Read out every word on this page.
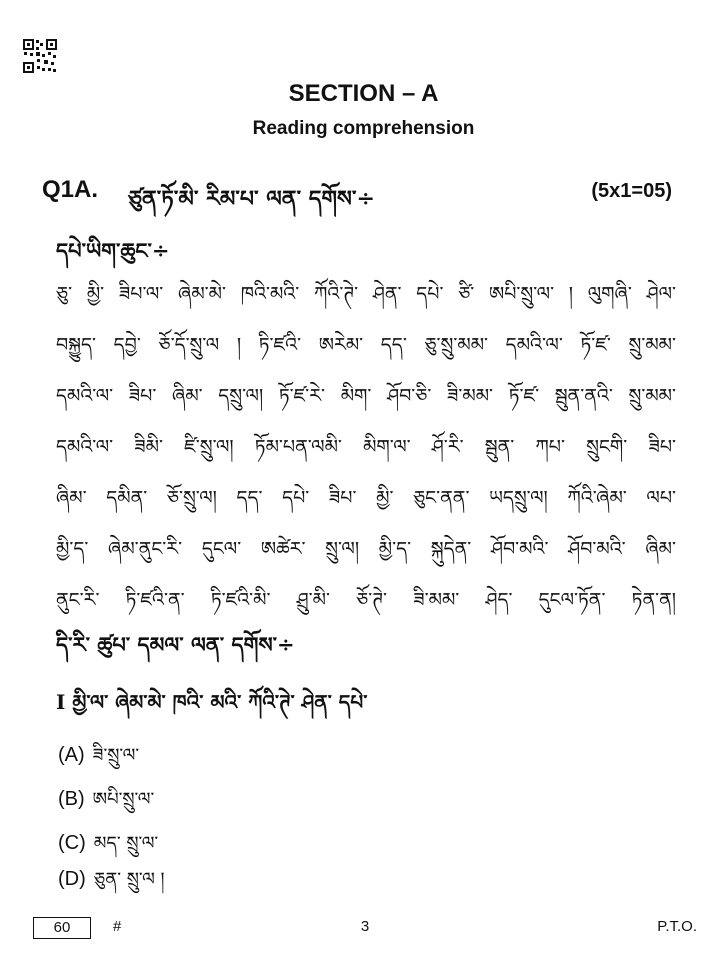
SECTION – A
Reading comprehension
Q1A. ཙུན་ཏོ་མི་ རིམ་པ་ ལན་ དགོས་÷	(5x1=05)
དཔེ་ཡིག་ཆུང་÷
ཅུ་ མྱི་ ཟིཔ་ལ་ ཞེམ་མེ་ ཁའི་མའི་ ཀོའི་ཊེ་ ཤེན་ དཔེ་ ཙི་ ཨཔི་སྲུ་ལ་ ། ལུགཞི་ ཤེལ་
བསྐྱུད་ དབྱེ་ ཅོ་དོ་སྲུ་ལ ། ཏི་ཛའི་ ཨརེམ་ དད་ ཅུ་སྲུ་མམ་ དམའི་ལ་ ཏོ་ཛ་ སྲུ་མམ་
དམའི་ལ་ ཟིཔ་ ཞིམ་ དསྲུ་ལ། ཏོ་ཛ་རེ་ མིག་ ཤོབ་ཅི་ ཟི་མམ་ ཏོ་ཛ་ སྦུན་ནའི་ སྲུ་མམ་
དམའི་ལ་ ཟིམི་ ཛི་སྲུ་ལ། ཏོམ་པན་ལམི་ མིག་ལ་ ཤོ་རི་ སྦུན་ ཀཔ་ སྲུངགི་ ཟིཔ་
ཞིམ་ དམིན་ ཅོ་སྲུ་ལ། དད་ དཔེ་ ཟིཔ་ མྱི་ ཅུང་ནན་ ཡདསྲུ་ལ། ཀོའི་ཞེམ་ ལཔ་
མྱི་ད་ ཞེམ་ནུང་རི་ དུངལ་ ཨཚེར་ སྲུ་ལ། མྱི་ད་ སྐུདེན་ ཤོབ་མའི་ ཤོབ་མའི་ ཞིམ་
ནུང་རི་ ཏི་ཛའི་ན་ ཏི་ཛའི་མི་ ཤྲུ་མི་ ཅོ་ཊེ་ ཟི་མམ་ ཤེད་ དུངལ་ཏོན་ ཏེན་ན།
དི་རི་ ཚུཔ་ དམལ་ ལན་ དགོས་÷
I མྱི་ལ་ ཞེམ་མེ་ ཁའི་ མའི་ ཀོའི་ཊེ་ ཤེན་ དཔེ་
(A) ཟི་སྲུ་ལ་
(B) ཨཔི་སྲུ་ལ་
(C) མད་ སྲུ་ལ་
(D) ཅུན་ སྲུ་ལ །
60	#	3	P.T.O.
